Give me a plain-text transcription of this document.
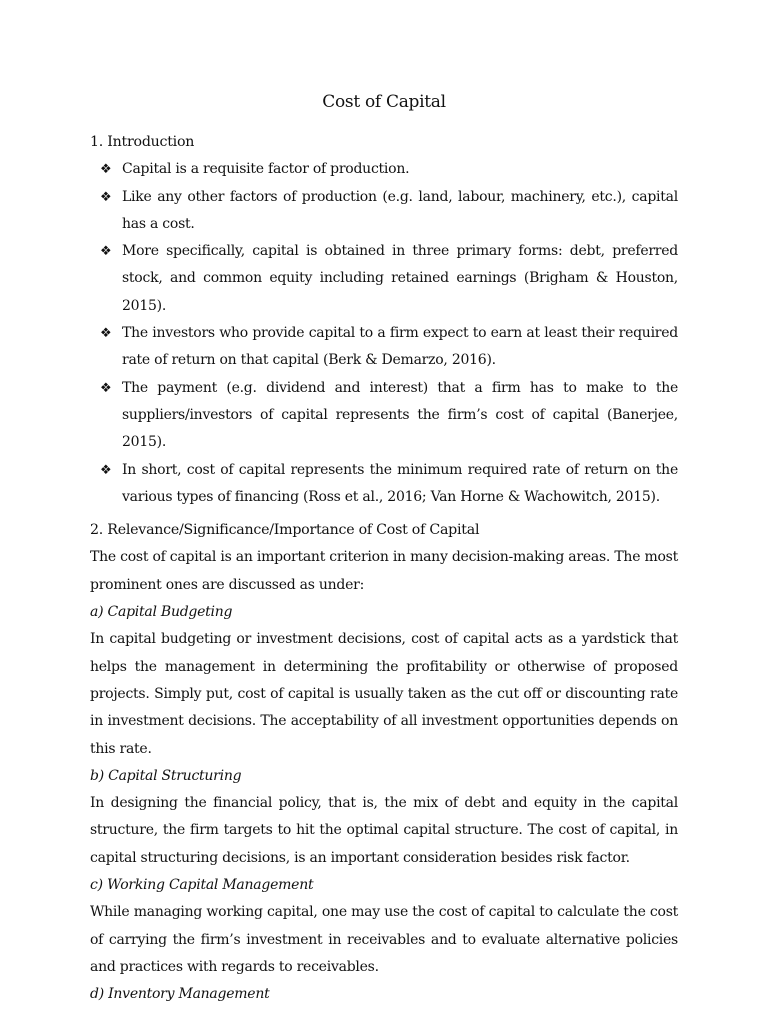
Cost of Capital
1. Introduction
❖ Capital is a requisite factor of production.
❖ Like any other factors of production (e.g. land, labour, machinery, etc.), capital has a cost.
❖ More specifically, capital is obtained in three primary forms: debt, preferred stock, and common equity including retained earnings (Brigham & Houston, 2015).
❖ The investors who provide capital to a firm expect to earn at least their required rate of return on that capital (Berk & Demarzo, 2016).
❖ The payment (e.g. dividend and interest) that a firm has to make to the suppliers/investors of capital represents the firm’s cost of capital (Banerjee, 2015).
❖ In short, cost of capital represents the minimum required rate of return on the various types of financing (Ross et al., 2016; Van Horne & Wachowitch, 2015).
2. Relevance/Significance/Importance of Cost of Capital

The cost of capital is an important criterion in many decision-making areas. The most prominent ones are discussed as under:

a) Capital Budgeting

In capital budgeting or investment decisions, cost of capital acts as a yardstick that helps the management in determining the profitability or otherwise of proposed projects. Simply put, cost of capital is usually taken as the cut off or discounting rate in investment decisions. The acceptability of all investment opportunities depends on this rate.

b) Capital Structuring

In designing the financial policy, that is, the mix of debt and equity in the capital structure, the firm targets to hit the optimal capital structure. The cost of capital, in capital structuring decisions, is an important consideration besides risk factor.

c) Working Capital Management

While managing working capital, one may use the cost of capital to calculate the cost of carrying the firm’s investment in receivables and to evaluate alternative policies and practices with regards to receivables.

d) Inventory Management
